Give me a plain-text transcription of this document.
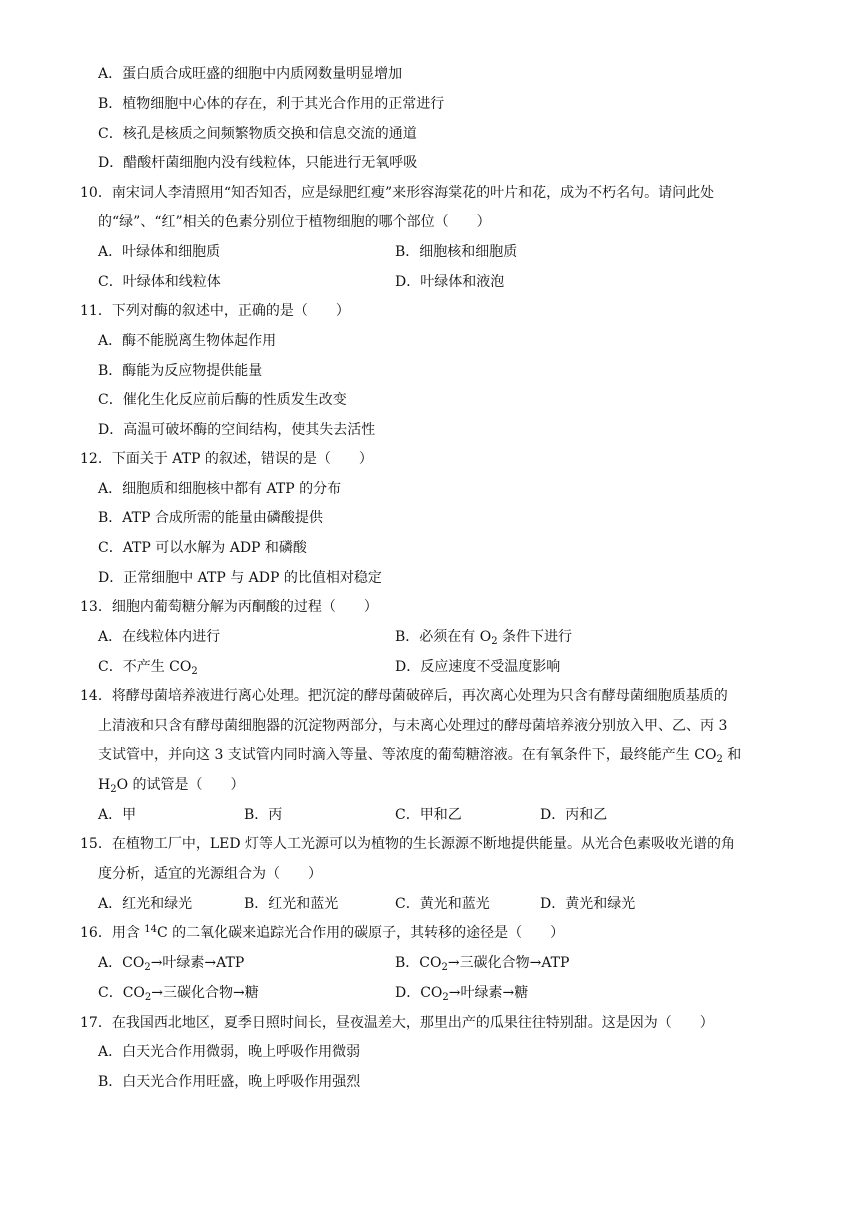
A．蛋白质合成旺盛的细胞中内质网数量明显增加
B．植物细胞中心体的存在，利于其光合作用的正常进行
C．核孔是核质之间频繁物质交换和信息交流的通道
D．醋酸杆菌细胞内没有线粒体，只能进行无氧呼吸
10．南宋词人李清照用“知否知否，应是绿肥红瘦”来形容海棠花的叶片和花，成为不朽名句。请问此处
的“绿”、“红”相关的色素分别位于植物细胞的哪个部位（　　）
A．叶绿体和细胞质	B．细胞核和细胞质
C．叶绿体和线粒体	D．叶绿体和液泡
11．下列对酶的叙述中，正确的是（　　）
A．酶不能脱离生物体起作用
B．酶能为反应物提供能量
C．催化生化反应前后酶的性质发生改变
D．高温可破坏酶的空间结构，使其失去活性
12．下面关于 ATP 的叙述，错误的是（　　）
A．细胞质和细胞核中都有 ATP 的分布
B．ATP 合成所需的能量由磷酸提供
C．ATP 可以水解为 ADP 和磷酸
D．正常细胞中 ATP 与 ADP 的比值相对稳定
13．细胞内葡萄糖分解为丙酮酸的过程（　　）
A．在线粒体内进行	B．必须在有 $O_2$ 条件下进行
C．不产生 $CO_2$	D．反应速度不受温度影响
14．将酵母菌培养液进行离心处理。把沉淀的酵母菌破碎后，再次离心处理为只含有酵母菌细胞质基质的
上清液和只含有酵母菌细胞器的沉淀物两部分，与未离心处理过的酵母菌培养液分别放入甲、乙、丙 3
支试管中，并向这 3 支试管内同时滴入等量、等浓度的葡萄糖溶液。在有氧条件下，最终能产生 $CO_2$ 和
$H_2O$ 的试管是（　　）
A．甲	B．丙	C．甲和乙	D．丙和乙
15．在植物工厂中，LED 灯等人工光源可以为植物的生长源源不断地提供能量。从光合色素吸收光谱的角
度分析，适宜的光源组合为（　　）
A．红光和绿光	B．红光和蓝光	C．黄光和蓝光	D．黄光和绿光
16．用含 $^{14}$C 的二氧化碳来追踪光合作用的碳原子，其转移的途径是（　　）
A．$CO_2\to$叶绿素→ATP	B．$CO_2\to$三碳化合物→ATP
C．$CO_2\to$三碳化合物→糖	D．$CO_2\to$叶绿素→糖
17．在我国西北地区，夏季日照时间长，昼夜温差大，那里出产的瓜果往往特别甜。这是因为（　　）
A．白天光合作用微弱，晚上呼吸作用微弱
B．白天光合作用旺盛，晚上呼吸作用强烈
